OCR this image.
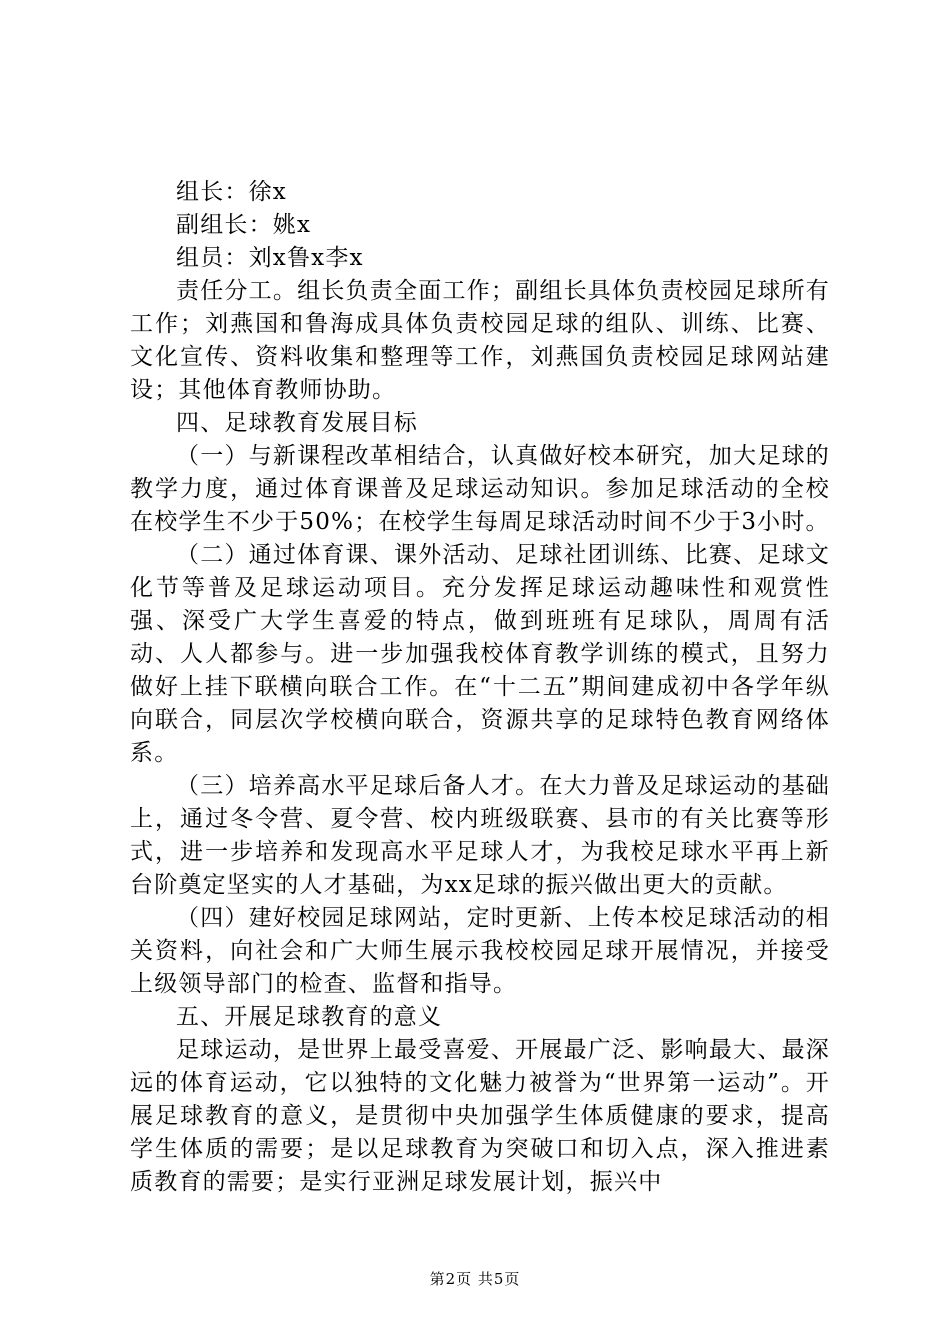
组长：徐x

副组长：姚x

组员：刘x鲁x李x

责任分工。组长负责全面工作；副组长具体负责校园足球所有工作；刘燕国和鲁海成具体负责校园足球的组队、训练、比赛、文化宣传、资料收集和整理等工作，刘燕国负责校园足球网站建设；其他体育教师协助。

四、足球教育发展目标

（一）与新课程改革相结合，认真做好校本研究，加大足球的教学力度，通过体育课普及足球运动知识。参加足球活动的全校在校学生不少于50%；在校学生每周足球活动时间不少于3小时。

（二）通过体育课、课外活动、足球社团训练、比赛、足球文化节等普及足球运动项目。充分发挥足球运动趣味性和观赏性强、深受广大学生喜爱的特点，做到班班有足球队，周周有活动、人人都参与。进一步加强我校体育教学训练的模式，且努力做好上挂下联横向联合工作。在“十二五”期间建成初中各学年纵向联合，同层次学校横向联合，资源共享的足球特色教育网络体系。

（三）培养高水平足球后备人才。在大力普及足球运动的基础上，通过冬令营、夏令营、校内班级联赛、县市的有关比赛等形式，进一步培养和发现高水平足球人才，为我校足球水平再上新台阶奠定坚实的人才基础，为xx足球的振兴做出更大的贡献。

（四）建好校园足球网站，定时更新、上传本校足球活动的相关资料，向社会和广大师生展示我校校园足球开展情况，并接受上级领导部门的检查、监督和指导。

五、开展足球教育的意义

足球运动，是世界上最受喜爱、开展最广泛、影响最大、最深远的体育运动，它以独特的文化魅力被誉为“世界第一运动”。开展足球教育的意义，是贯彻中央加强学生体质健康的要求，提高学生体质的需要；是以足球教育为突破口和切入点，深入推进素质教育的需要；是实行亚洲足球发展计划，振兴中

第2页 共5页
